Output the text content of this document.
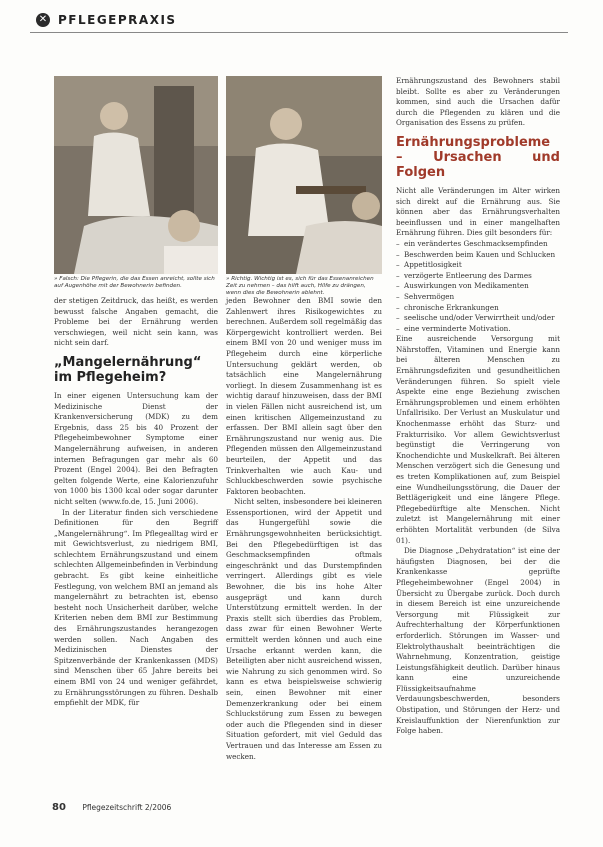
✕ PFLEGEPRAXIS
» Falsch: Die Pflegerin, die das Essen anreicht, sollte sich auf Augenhöhe mit der Bewohnerin befinden.
» Richtig. Wichtig ist es, sich für das Essenanreichen Zeit zu nehmen – das hilft auch, Hilfe zu drängen, wenn dies die Bewohnerin ablehnt.

der stetigen Zeitdruck, das heißt, es werden bewusst falsche Angaben gemacht, die Probleme bei der Ernährung werden verschwiegen, weil nicht sein kann, was nicht sein darf.

„Mangelernährung“ im Pflegeheim?

In einer eigenen Untersuchung kam der Medizinische Dienst der Krankenversicherung (MDK) zu dem Ergebnis, dass 25 bis 40 Prozent der Pflegeheimbewohner Symptome einer Mangelernährung aufweisen, in anderen internen Befragungen gar mehr als 60 Prozent (Engel 2004). Bei den Befragten gelten folgende Werte, eine Kalorienzufuhr von 1000 bis 1300 kcal oder sogar darunter nicht selten (www.fo.de, 15. Juni 2006).

In der Literatur finden sich verschiedene Definitionen für den Begriff „Mangelernährung“. Im Pflegealltag wird er mit Gewichtsverlust, zu niedrigem BMI, schlechtem Ernährungszustand und einem schlechten Allgemeinbefinden in Verbindung gebracht. Es gibt keine einheitliche Festlegung, von welchem BMI an jemand als mangelernährt zu betrachten ist, ebenso besteht noch Unsicherheit darüber, welche Kriterien neben dem BMI zur Bestimmung des Ernährungszustandes herangezogen werden sollen. Nach Angaben des Medizinischen Dienstes der Spitzenverbände der Krankenkassen (MDS) sind Menschen über 65 Jahre bereits bei einem BMI von 24 und weniger gefährdet, zu Ernährungsstörungen zu führen. Deshalb empfiehlt der MDK, für

jeden Bewohner den BMI sowie den Zahlenwert ihres Risikogewichtes zu berechnen. Außerdem soll regelmäßig das Körpergewicht kontrolliert werden. Bei einem BMI von 20 und weniger muss im Pflegeheim durch eine körperliche Untersuchung geklärt werden, ob tatsächlich eine Mangelernährung vorliegt. In diesem Zusammenhang ist es wichtig darauf hinzuweisen, dass der BMI in vielen Fällen nicht ausreichend ist, um einen kritischen Allgemeinzustand zu erfassen. Der BMI allein sagt über den Ernährungszustand nur wenig aus. Die Pflegenden müssen den Allgemeinzustand beurteilen, der Appetit und das Trinkverhalten wie auch Kau- und Schluckbeschwerden sowie psychische Faktoren beobachten.

Nicht selten, insbesondere bei kleineren Essensportionen, wird der Appetit und das Hungergefühl sowie die Ernährungsgewohnheiten berücksichtigt. Bei den Pflegebedürftigen ist das Geschmacksempfinden oftmals eingeschränkt und das Durstempfinden verringert. Allerdings gibt es viele Bewohner, die bis ins hohe Alter ausgeprägt und kann durch Unterstützung ermittelt werden. In der Praxis stellt sich überdies das Problem, dass zwar für einen Bewohner Werte ermittelt werden können und auch eine Ursache erkannt werden kann, die Beteiligten aber nicht ausreichend wissen, wie Nahrung zu sich genommen wird. So kann es etwa beispielsweise schwierig sein, einen Bewohner mit einer Demenzerkrankung oder bei einem Schluckstörung zum Essen zu bewegen oder auch die Pflegenden sind in dieser Situation gefordert, mit viel Geduld das Vertrauen und das Interesse am Essen zu wecken.

Ernährungszustand des Bewohners stabil bleibt. Sollte es aber zu Veränderungen kommen, sind auch die Ursachen dafür durch die Pflegenden zu klären und die Organisation des Essens zu prüfen.

Ernährungsprobleme – Ursachen und Folgen

Nicht alle Veränderungen im Alter wirken sich direkt auf die Ernährung aus. Sie können aber das Ernährungsverhalten beeinflussen und in einer mangelhaften Ernährung führen. Dies gilt besonders für:

– ein verändertes Geschmacksempfinden
– Beschwerden beim Kauen und Schlucken
– Appetitlosigkeit
– verzögerte Entleerung des Darmes
– Auswirkungen von Medikamenten
– Sehvermögen
– chronische Erkrankungen
– seelische und/oder Verwirrtheit und/oder
– eine verminderte Motivation.

Eine ausreichende Versorgung mit Nährstoffen, Vitaminen und Energie kann bei älteren Menschen zu Ernährungsdefiziten und gesundheitlichen Veränderungen führen. So spielt viele Aspekte eine enge Beziehung zwischen Ernährungsproblemen und einem erhöhten Unfallrisiko. Der Verlust an Muskulatur und Knochenmasse erhöht das Sturz- und Frakturrisiko. Vor allem Gewichtsverlust begünstigt die Verringerung von Knochendichte und Muskelkraft. Bei älteren Menschen verzögert sich die Genesung und es treten Komplikationen auf, zum Beispiel eine Wundheilungsstörung, die Dauer der Bettlägerigkeit und eine längere Pflege. Pflegebedürftige alte Menschen. Nicht zuletzt ist Mangelernährung mit einer erhöhten Mortalität verbunden (de Silva 01).

Die Diagnose „Dehydratation“ ist eine der häufigsten Diagnosen, bei der die Krankenkasse geprüfte Pflegeheimbewohner (Engel 2004) in Übersicht zu Übergabe zurück. Doch durch in diesem Bereich ist eine unzureichende Versorgung mit Flüssigkeit zur Aufrechterhaltung der Körperfunktionen erforderlich. Störungen im Wasser- und Elektrolythaushalt beeinträchtigen die Wahrnehmung, Konzentration, geistige Leistungsfähigkeit deutlich. Darüber hinaus kann eine unzureichende Flüssigkeitsaufnahme Verdauungsbeschwerden, besonders Obstipation, und Störungen der Herz- und Kreislauffunktion der Nierenfunktion zur Folge haben.

80 Pflegezeitschrift 2/2006
